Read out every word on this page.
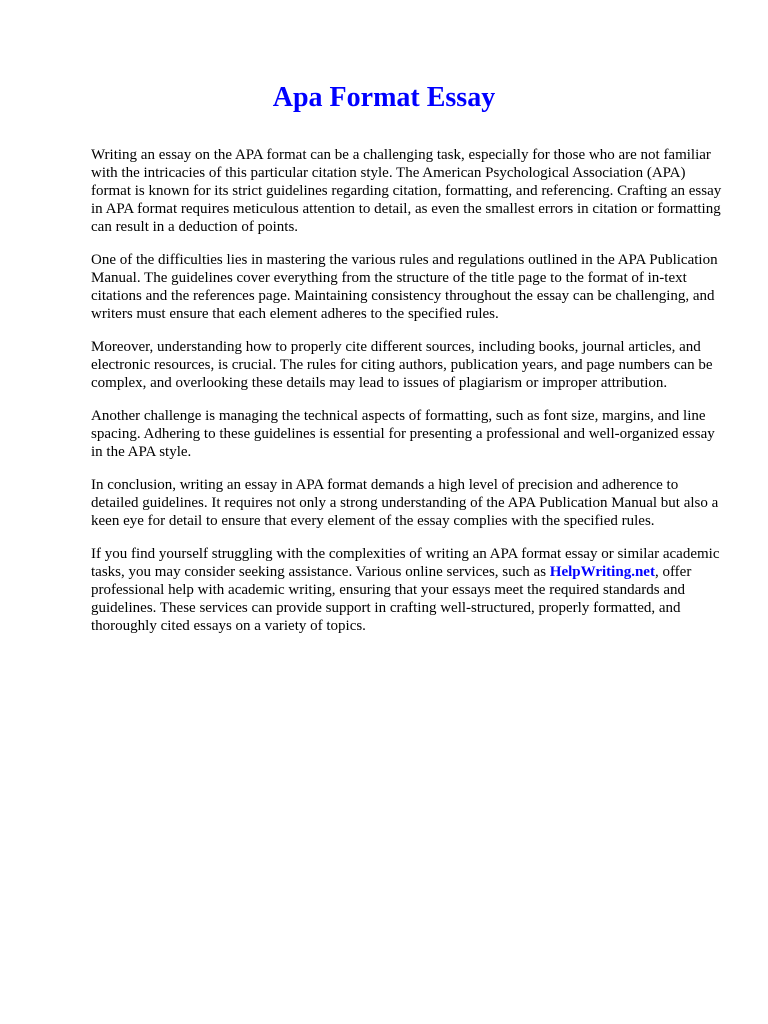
Apa Format Essay

Writing an essay on the APA format can be a challenging task, especially for those who are not familiar with the intricacies of this particular citation style. The American Psychological Association (APA) format is known for its strict guidelines regarding citation, formatting, and referencing. Crafting an essay in APA format requires meticulous attention to detail, as even the smallest errors in citation or formatting can result in a deduction of points.

One of the difficulties lies in mastering the various rules and regulations outlined in the APA Publication Manual. The guidelines cover everything from the structure of the title page to the format of in-text citations and the references page. Maintaining consistency throughout the essay can be challenging, and writers must ensure that each element adheres to the specified rules.

Moreover, understanding how to properly cite different sources, including books, journal articles, and electronic resources, is crucial. The rules for citing authors, publication years, and page numbers can be complex, and overlooking these details may lead to issues of plagiarism or improper attribution.

Another challenge is managing the technical aspects of formatting, such as font size, margins, and line spacing. Adhering to these guidelines is essential for presenting a professional and well-organized essay in the APA style.

In conclusion, writing an essay in APA format demands a high level of precision and adherence to detailed guidelines. It requires not only a strong understanding of the APA Publication Manual but also a keen eye for detail to ensure that every element of the essay complies with the specified rules.

If you find yourself struggling with the complexities of writing an APA format essay or similar academic tasks, you may consider seeking assistance. Various online services, such as HelpWriting.net, offer professional help with academic writing, ensuring that your essays meet the required standards and guidelines. These services can provide support in crafting well-structured, properly formatted, and thoroughly cited essays on a variety of topics.
